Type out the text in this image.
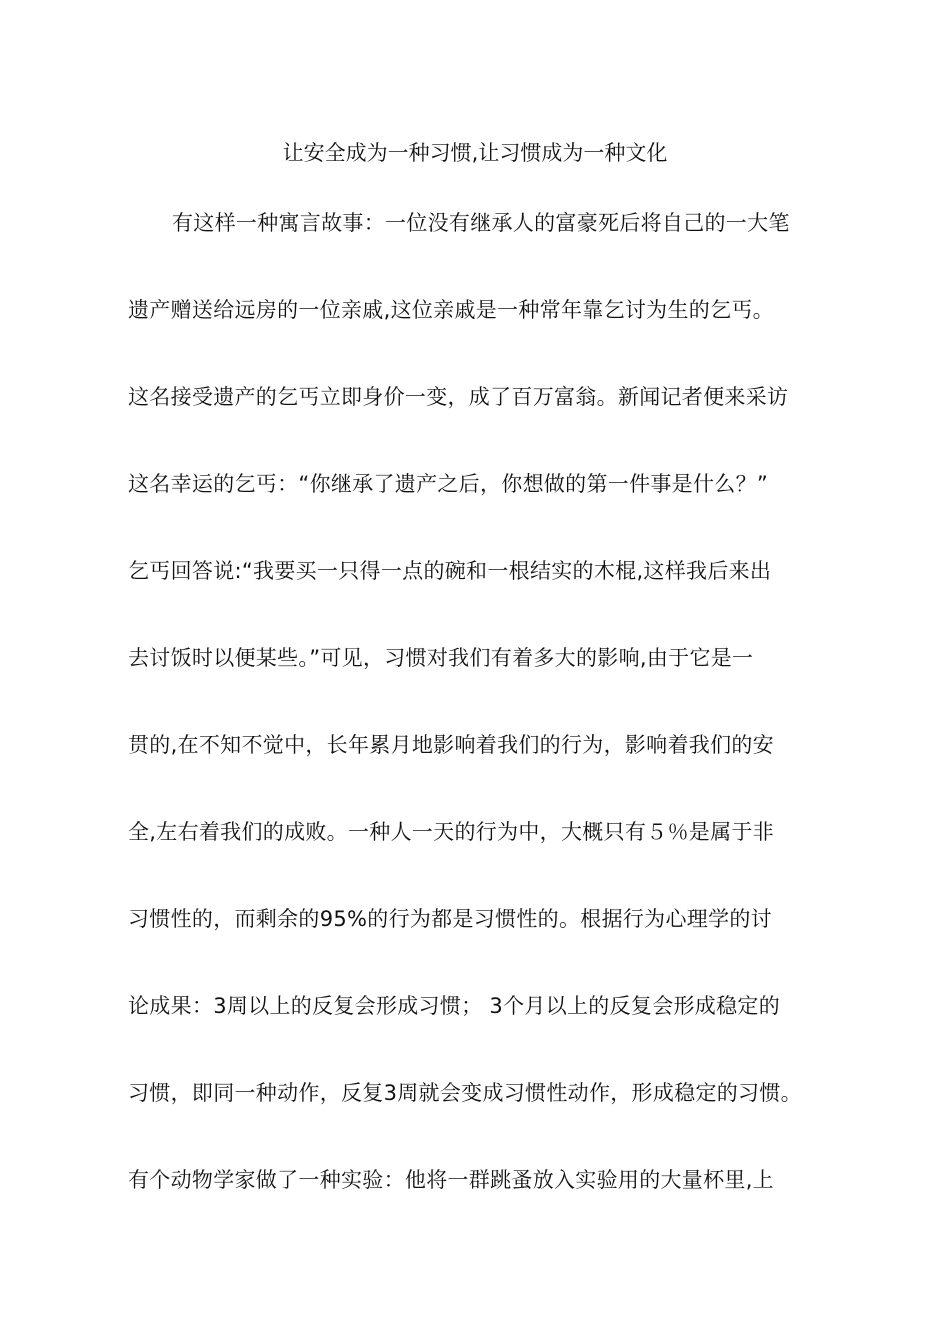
让安全成为一种习惯,让习惯成为一种文化
有这样一种寓言故事：一位没有继承人的富豪死后将自己的一大笔
遗产赠送给远房的一位亲戚,这位亲戚是一种常年靠乞讨为生的乞丐。
这名接受遗产的乞丐立即身价一变，成了百万富翁。新闻记者便来采访
这名幸运的乞丐：“你继承了遗产之后，你想做的第一件事是什么？”
乞丐回答说:“我要买一只得一点的碗和一根结实的木棍,这样我后来出
去讨饭时以便某些。”可见，习惯对我们有着多大的影响,由于它是一
贯的,在不知不觉中，长年累月地影响着我们的行为，影响着我们的安
全,左右着我们的成败。一种人一天的行为中，大概只有５％是属于非
习惯性的，而剩余的95%的行为都是习惯性的。根据行为心理学的讨
论成果：3周以上的反复会形成习惯； 3个月以上的反复会形成稳定的
习惯，即同一种动作，反复3周就会变成习惯性动作，形成稳定的习惯。
有个动物学家做了一种实验：他将一群跳蚤放入实验用的大量杯里,上
